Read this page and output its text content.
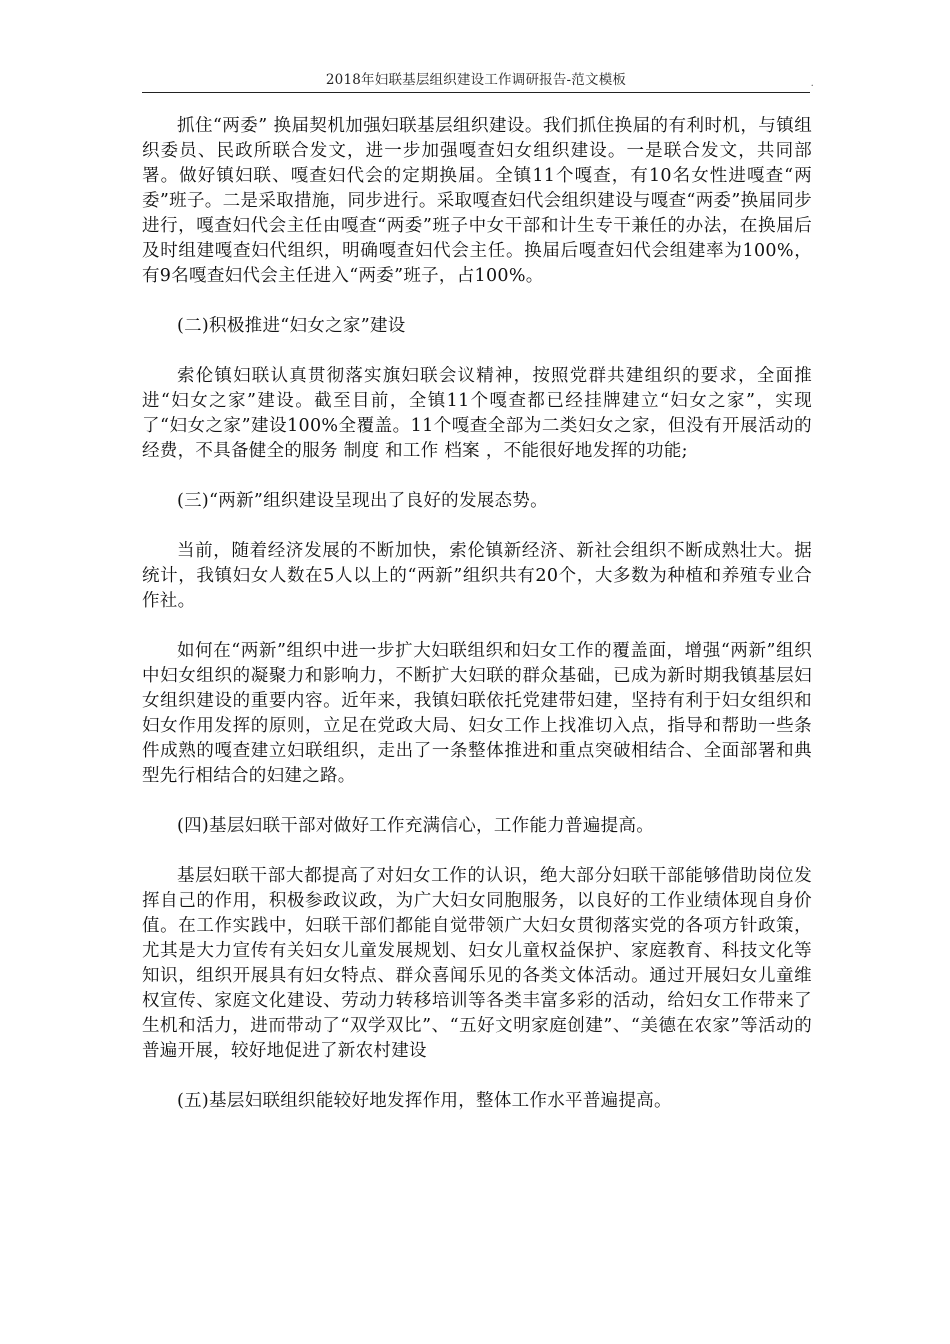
2018年妇联基层组织建设工作调研报告-范文模板	.

抓住“两委” 换届契机加强妇联基层组织建设。我们抓住换届的有利时机，与镇组织委员、民政所联合发文，进一步加强嘎查妇女组织建设。一是联合发文，共同部署。做好镇妇联、嘎查妇代会的定期换届。全镇11个嘎查，有10名女性进嘎查“两委”班子。二是采取措施，同步进行。采取嘎查妇代会组织建设与嘎查“两委”换届同步进行，嘎查妇代会主任由嘎查“两委”班子中女干部和计生专干兼任的办法，在换届后及时组建嘎查妇代组织，明确嘎查妇代会主任。换届后嘎查妇代会组建率为100%，有9名嘎查妇代会主任进入“两委”班子，占100%。

(二)积极推进“妇女之家”建设

索伦镇妇联认真贯彻落实旗妇联会议精神，按照党群共建组织的要求，全面推进“妇女之家”建设。截至目前，全镇11个嘎查都已经挂牌建立“妇女之家”，实现了“妇女之家”建设100%全覆盖。11个嘎查全部为二类妇女之家，但没有开展活动的经费，不具备健全的服务 制度 和工作 档案 ，不能很好地发挥的功能;

(三)“两新”组织建设呈现出了良好的发展态势。

当前，随着经济发展的不断加快，索伦镇新经济、新社会组织不断成熟壮大。据统计，我镇妇女人数在5人以上的“两新”组织共有20个，大多数为种植和养殖专业合作社。

如何在“两新”组织中进一步扩大妇联组织和妇女工作的覆盖面，增强“两新”组织中妇女组织的凝聚力和影响力，不断扩大妇联的群众基础，已成为新时期我镇基层妇女组织建设的重要内容。近年来，我镇妇联依托党建带妇建，坚持有利于妇女组织和妇女作用发挥的原则，立足在党政大局、妇女工作上找准切入点，指导和帮助一些条件成熟的嘎查建立妇联组织，走出了一条整体推进和重点突破相结合、全面部署和典型先行相结合的妇建之路。

(四)基层妇联干部对做好工作充满信心，工作能力普遍提高。

基层妇联干部大都提高了对妇女工作的认识，绝大部分妇联干部能够借助岗位发挥自己的作用，积极参政议政，为广大妇女同胞服务，以良好的工作业绩体现自身价值。在工作实践中，妇联干部们都能自觉带领广大妇女贯彻落实党的各项方针政策，尤其是大力宣传有关妇女儿童发展规划、妇女儿童权益保护、家庭教育、科技文化等知识，组织开展具有妇女特点、群众喜闻乐见的各类文体活动。通过开展妇女儿童维权宣传、家庭文化建设、劳动力转移培训等各类丰富多彩的活动，给妇女工作带来了生机和活力，进而带动了“双学双比”、“五好文明家庭创建”、“美德在农家”等活动的普遍开展，较好地促进了新农村建设

(五)基层妇联组织能较好地发挥作用，整体工作水平普遍提高。
